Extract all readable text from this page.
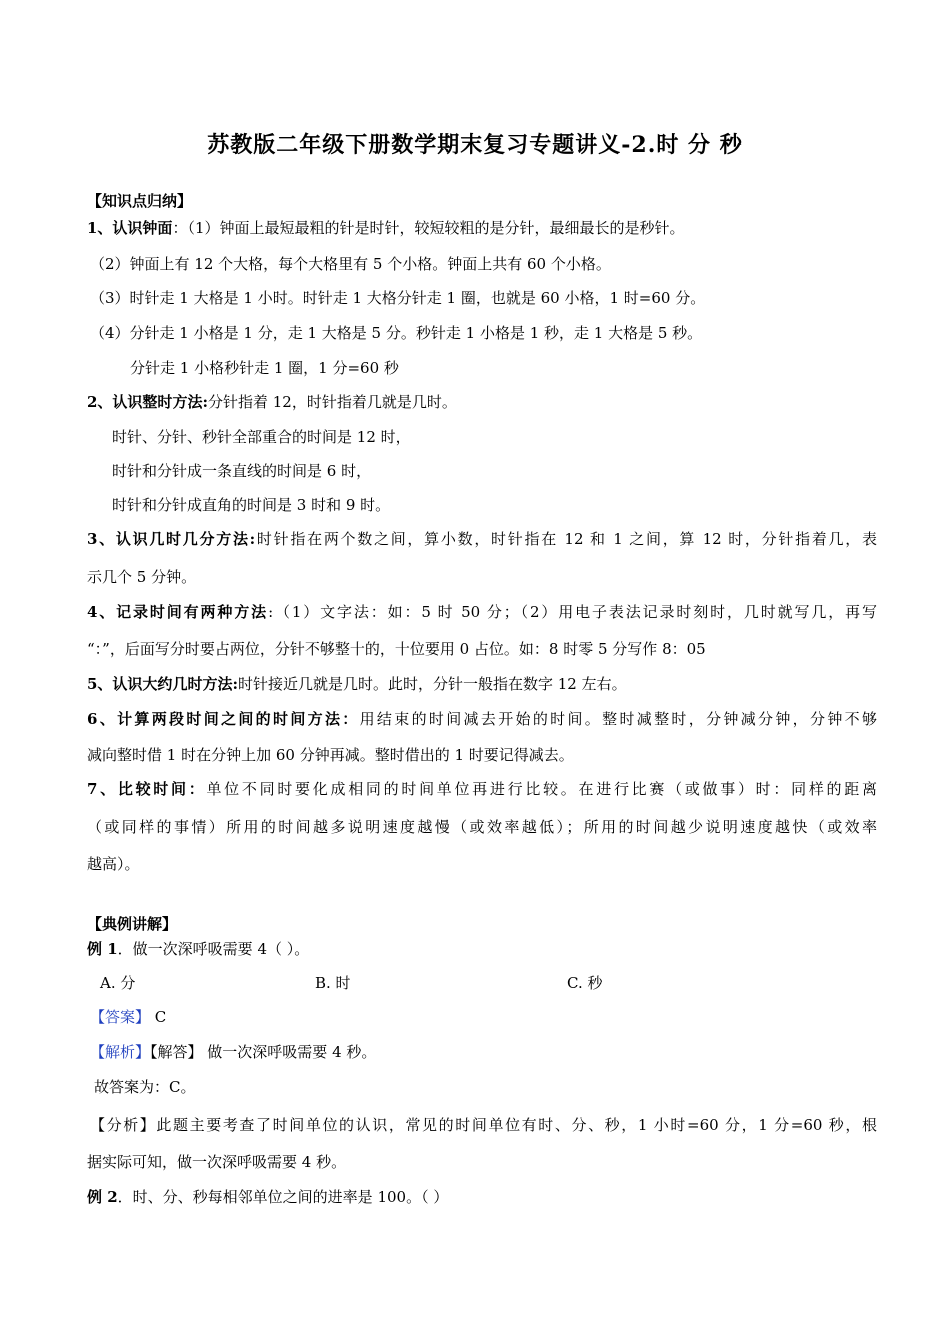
苏教版二年级下册数学期末复习专题讲义-2.时 分 秒
【知识点归纳】
1、认识钟面：（1）钟面上最短最粗的针是时针，较短较粗的是分针，最细最长的是秒针。
（2）钟面上有 12 个大格，每个大格里有 5 个小格。钟面上共有 60 个小格。
（3）时针走 1 大格是 1 小时。时针走 1 大格分针走 1 圈，也就是 60 小格，1 时=60 分。
（4）分针走 1 小格是 1 分，走 1 大格是 5 分。秒针走 1 小格是 1 秒，走 1 大格是 5 秒。
分针走 1 小格秒针走 1 圈，1 分=60 秒
2、认识整时方法:分针指着 12，时针指着几就是几时。
时针、分针、秒针全部重合的时间是 12 时，
时针和分针成一条直线的时间是 6 时，
时针和分针成直角的时间是 3 时和 9 时。
3、认识几时几分方法:时针指在两个数之间，算小数，时针指在 12 和 1 之间，算 12 时，分针指着几，表
示几个 5 分钟。
4、记录时间有两种方法:（1）文字法：如：5 时 50 分；（2）用电子表法记录时刻时，几时就写几，再写
“：”，后面写分时要占两位，分针不够整十的，十位要用 0 占位。如：8 时零 5 分写作 8：05
5、认识大约几时方法:时针接近几就是几时。此时，分针一般指在数字 12 左右。
6、计算两段时间之间的时间方法：用结束的时间减去开始的时间。整时减整时，分钟减分钟，分钟不够
减向整时借 1 时在分钟上加 60 分钟再减。整时借出的 1 时要记得减去。
7、比较时间：单位不同时要化成相同的时间单位再进行比较。在进行比赛（或做事）时：同样的距离
（或同样的事情）所用的时间越多说明速度越慢（或效率越低）；所用的时间越少说明速度越快（或效率
越高）。
【典例讲解】
例 1．做一次深呼吸需要 4（ ）。
A. 分	B. 时	C. 秒
【答案】 C
【解析】【解答】 做一次深呼吸需要 4 秒。
故答案为：C。
【分析】此题主要考查了时间单位的认识，常见的时间单位有时、分、秒，1 小时=60 分，1 分=60 秒，根
据实际可知，做一次深呼吸需要 4 秒。
例 2．时、分、秒每相邻单位之间的进率是 100。（ ）
